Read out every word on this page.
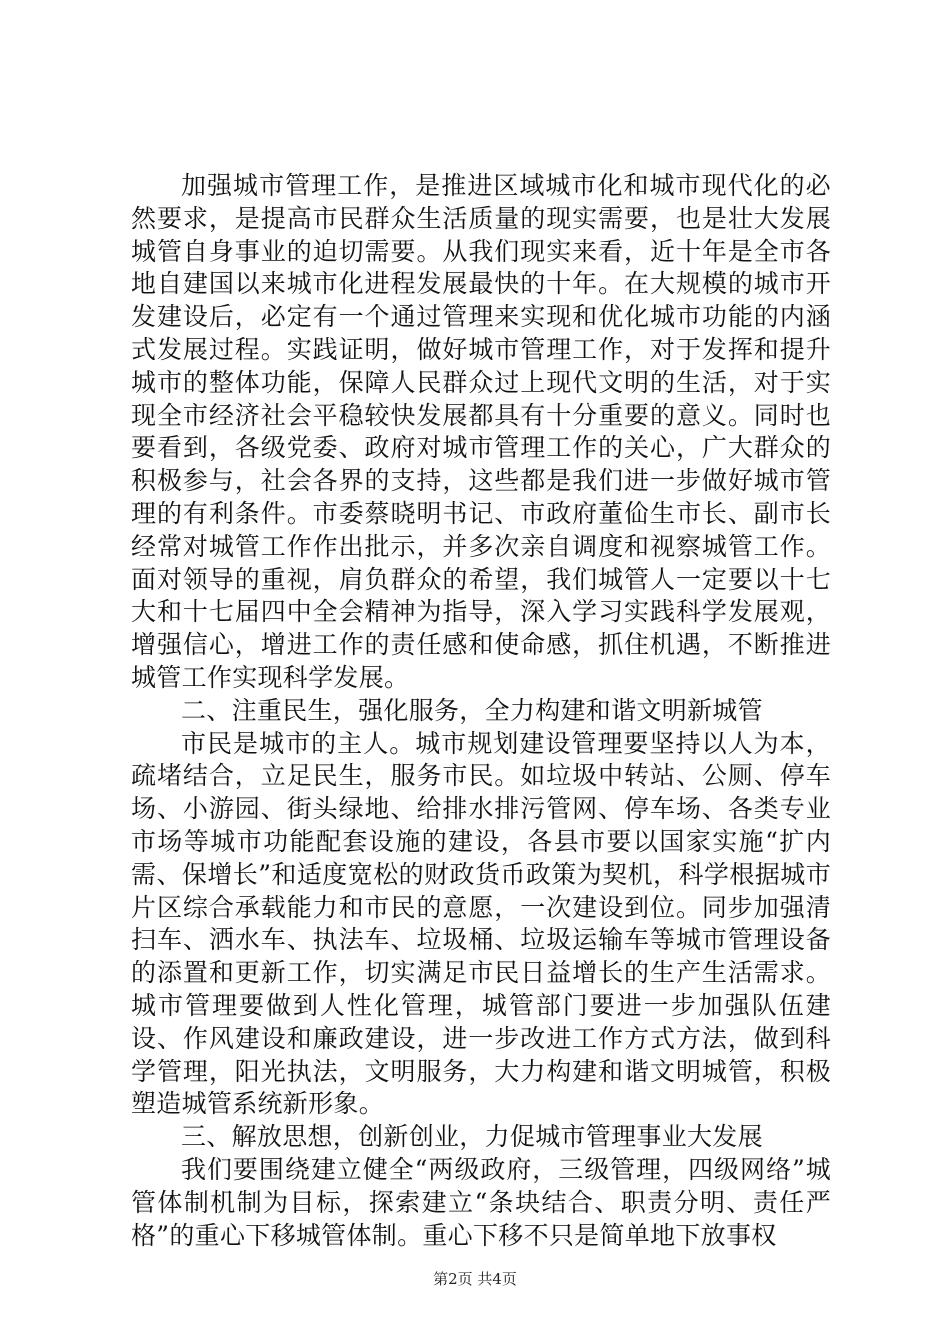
加强城市管理工作，是推进区域城市化和城市现代化的必然要求，是提高市民群众生活质量的现实需要，也是壮大发展城管自身事业的迫切需要。从我们现实来看，近十年是全市各地自建国以来城市化进程发展最快的十年。在大规模的城市开发建设后，必定有一个通过管理来实现和优化城市功能的内涵式发展过程。实践证明，做好城市管理工作，对于发挥和提升城市的整体功能，保障人民群众过上现代文明的生活，对于实现全市经济社会平稳较快发展都具有十分重要的意义。同时也要看到，各级党委、政府对城市管理工作的关心，广大群众的积极参与，社会各界的支持，这些都是我们进一步做好城市管理的有利条件。市委蔡晓明书记、市政府董佡生市长、副市长经常对城管工作作出批示，并多次亲自调度和视察城管工作。面对领导的重视，肩负群众的希望，我们城管人一定要以十七大和十七届四中全会精神为指导，深入学习实践科学发展观，增强信心，增进工作的责任感和使命感，抓住机遇，不断推进城管工作实现科学发展。

二、注重民生，强化服务，全力构建和谐文明新城管

市民是城市的主人。城市规划建设管理要坚持以人为本，疏堵结合，立足民生，服务市民。如垃圾中转站、公厕、停车场、小游园、街头绿地、给排水排污管网、停车场、各类专业市场等城市功能配套设施的建设，各县市要以国家实施“扩内需、保增长”和适度宽松的财政货币政策为契机，科学根据城市片区综合承载能力和市民的意愿，一次建设到位。同步加强清扫车、洒水车、执法车、垃圾桶、垃圾运输车等城市管理设备的添置和更新工作，切实满足市民日益增长的生产生活需求。城市管理要做到人性化管理，城管部门要进一步加强队伍建设、作风建设和廉政建设，进一步改进工作方式方法，做到科学管理，阳光执法，文明服务，大力构建和谐文明城管，积极塑造城管系统新形象。

三、解放思想，创新创业，力促城市管理事业大发展

我们要围绕建立健全“两级政府，三级管理，四级网络”城管体制机制为目标，探索建立“条块结合、职责分明、责任严格”的重心下移城管体制。重心下移不只是简单地下放事权

第2页 共4页
